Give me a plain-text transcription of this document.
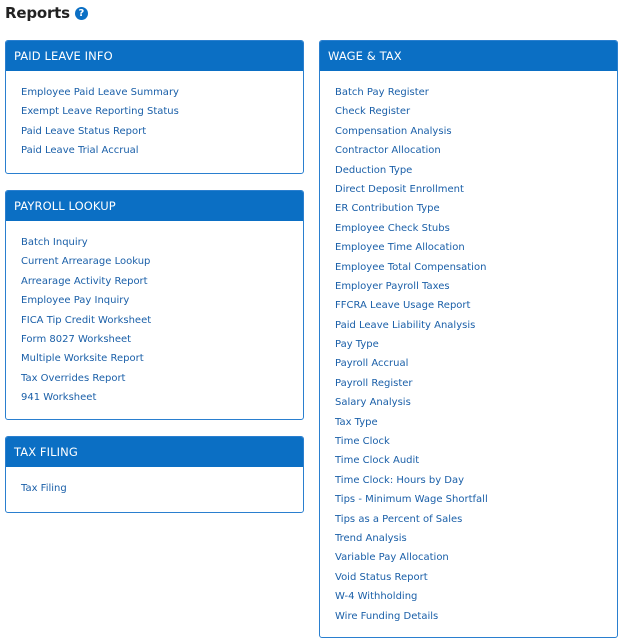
Reports ?
PAID LEAVE INFO
Employee Paid Leave Summary
Exempt Leave Reporting Status
Paid Leave Status Report
Paid Leave Trial Accrual
PAYROLL LOOKUP
Batch Inquiry
Current Arrearage Lookup
Arrearage Activity Report
Employee Pay Inquiry
FICA Tip Credit Worksheet
Form 8027 Worksheet
Multiple Worksite Report
Tax Overrides Report
941 Worksheet
TAX FILING
Tax Filing
WAGE & TAX
Batch Pay Register
Check Register
Compensation Analysis
Contractor Allocation
Deduction Type
Direct Deposit Enrollment
ER Contribution Type
Employee Check Stubs
Employee Time Allocation
Employee Total Compensation
Employer Payroll Taxes
FFCRA Leave Usage Report
Paid Leave Liability Analysis
Pay Type
Payroll Accrual
Payroll Register
Salary Analysis
Tax Type
Time Clock
Time Clock Audit
Time Clock: Hours by Day
Tips - Minimum Wage Shortfall
Tips as a Percent of Sales
Trend Analysis
Variable Pay Allocation
Void Status Report
W-4 Withholding
Wire Funding Details
